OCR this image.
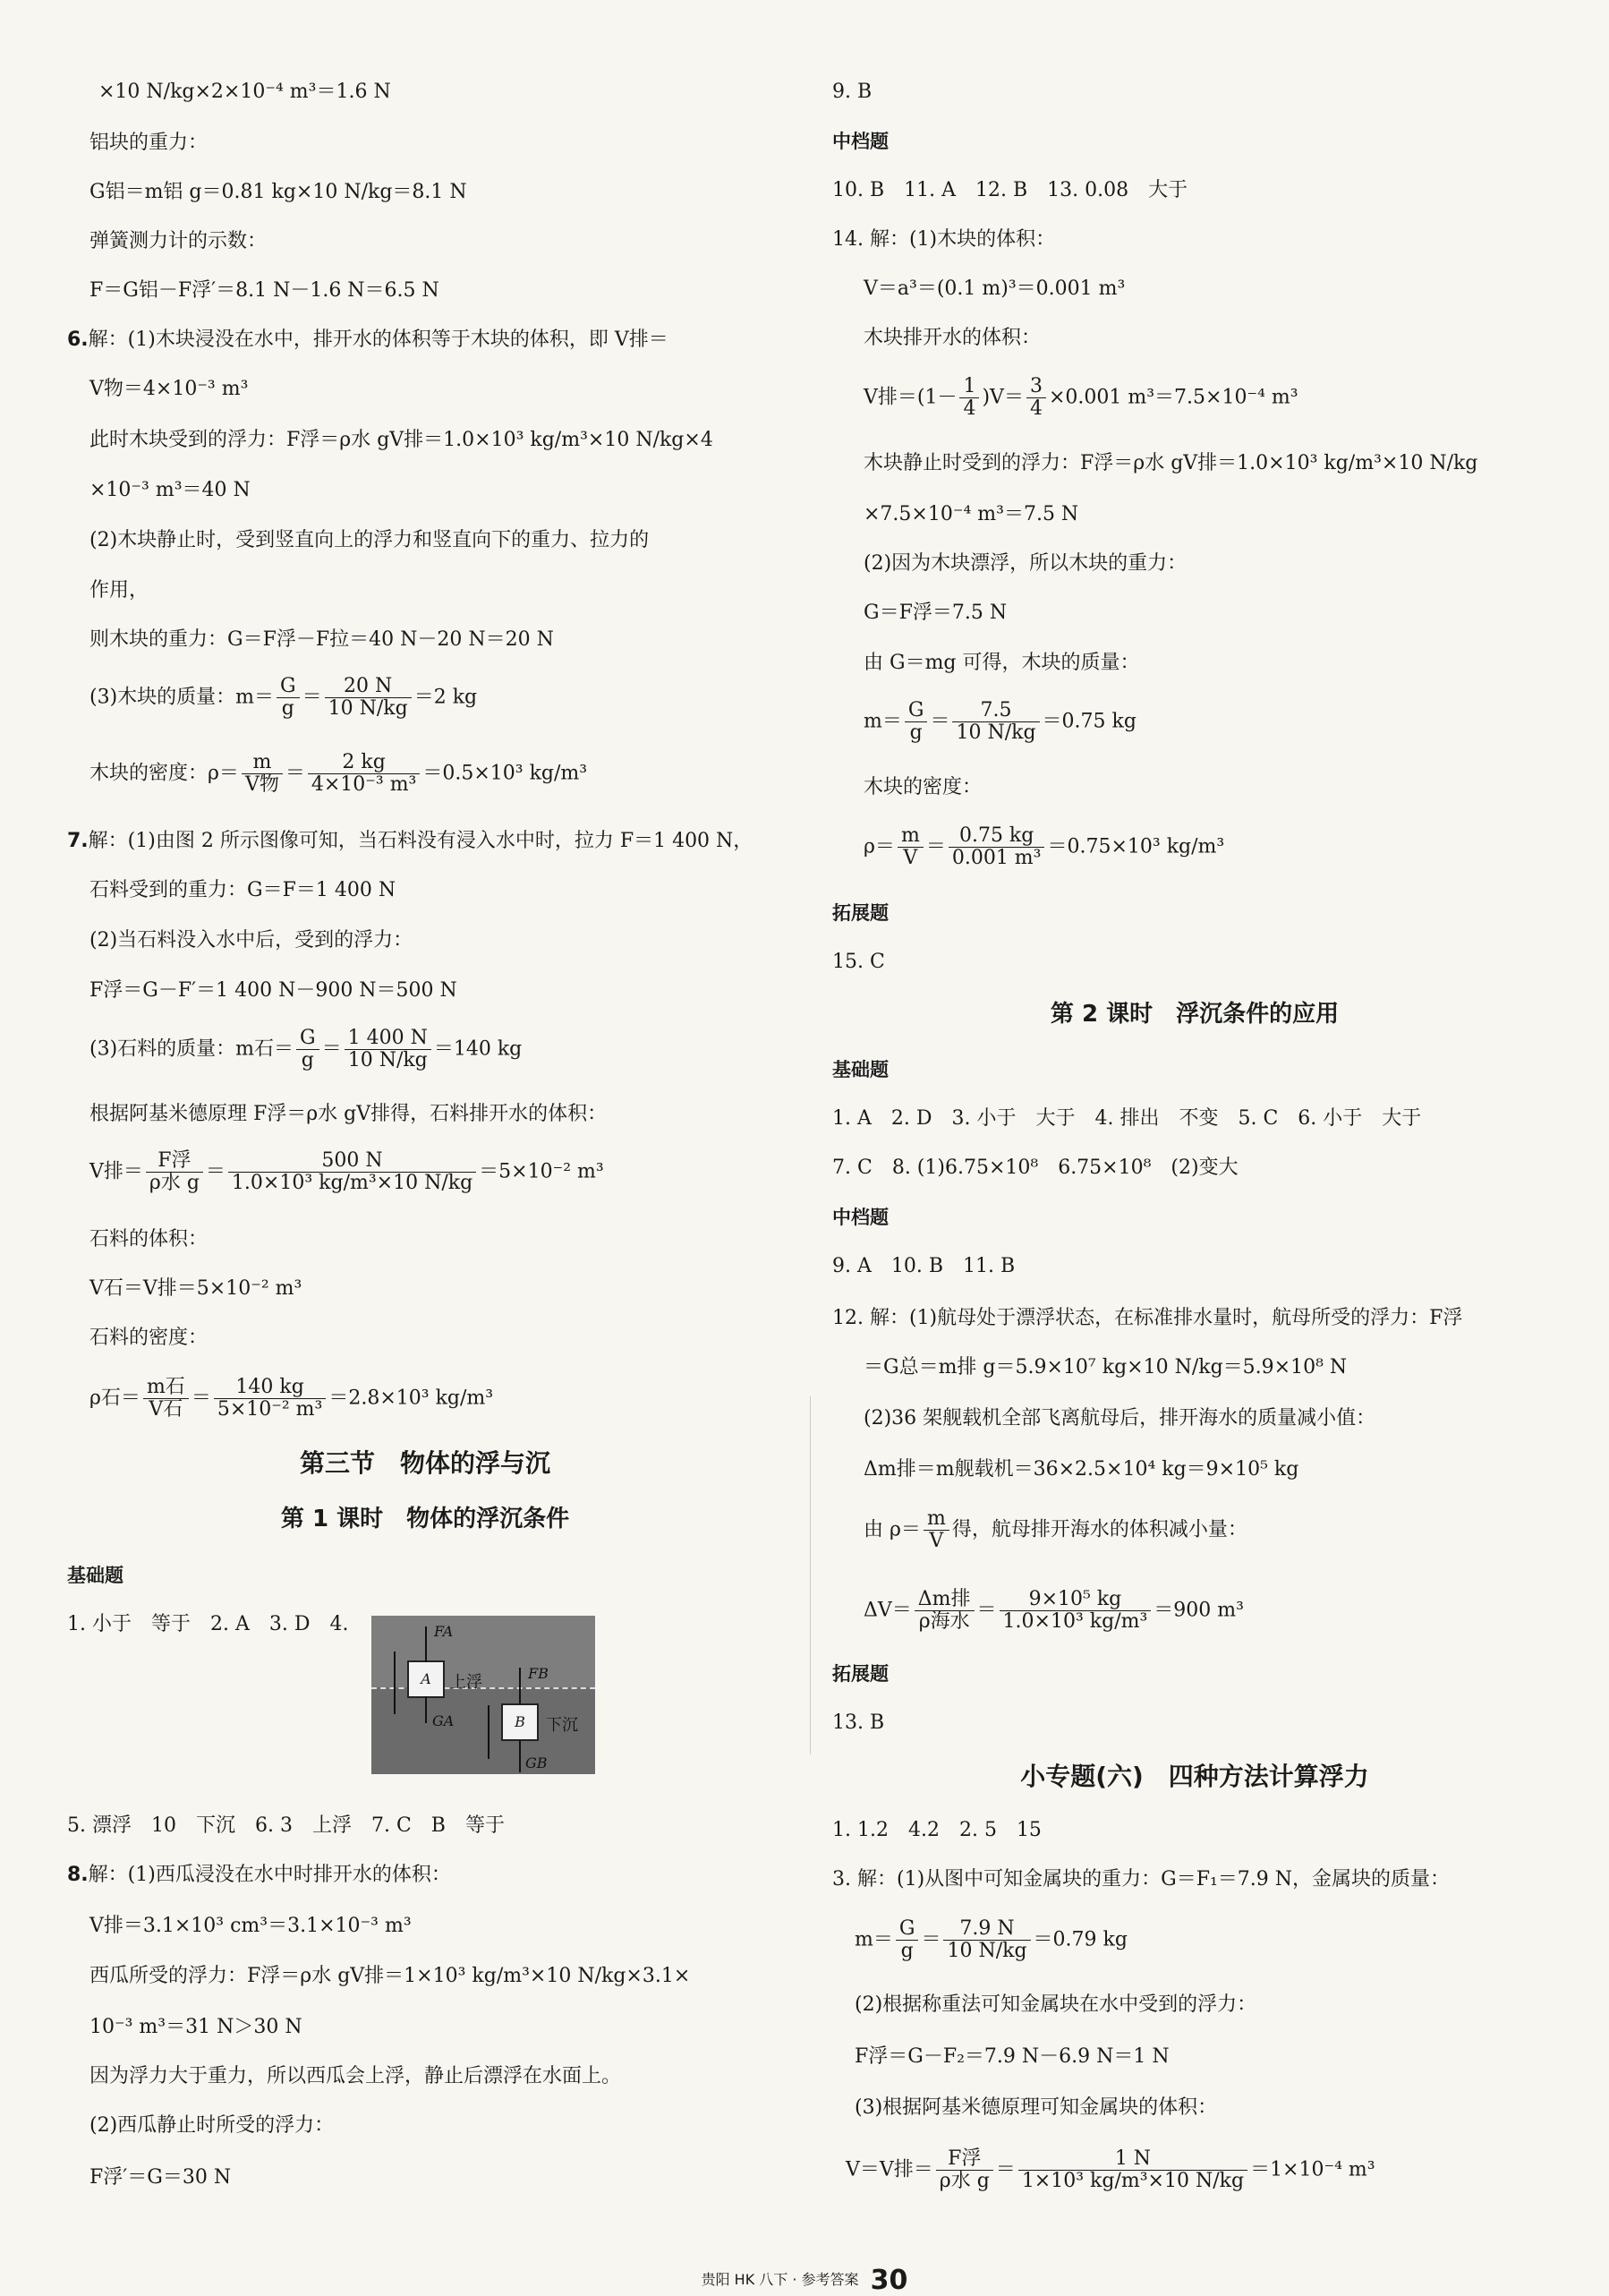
×10 N/kg×2×10⁻⁴ m³＝1.6 N
铝块的重力：
G铝＝m铝 g＝0.81 kg×10 N/kg＝8.1 N
弹簧测力计的示数：
F＝G铝－F浮′＝8.1 N－1.6 N＝6.5 N
6.解：(1)木块浸没在水中，排开水的体积等于木块的体积，即 V排＝
V物＝4×10⁻³ m³
此时木块受到的浮力：F浮＝ρ水 gV排＝1.0×10³ kg/m³×10 N/kg×4
×10⁻³ m³＝40 N
(2)木块静止时，受到竖直向上的浮力和竖直向下的重力、拉力的
作用，
则木块的重力：G＝F浮－F拉＝40 N－20 N＝20 N
(3)木块的质量：$m= \frac{G}{g} = \frac{20 N}{10 N/kg} =2$ kg
木块的密度：$\rho= \frac{m}{\text{V物}} = \frac{2 kg}{\text{4×10⁻³ m³}} =0.5\times 10^3$ kg/m³
7.解：(1)由图 2 所示图像可知，当石料没有浸入水中时，拉力 F＝1 400 N，
石料受到的重力：G＝F＝1 400 N
(2)当石料没入水中后，受到的浮力：
F浮＝G－F′＝1 400 N－900 N＝500 N
(3)石料的质量：m石＝ $\frac{G}{g} = \frac{1 400 N}{10 N/kg} =140$ kg
根据阿基米德原理 F浮＝ρ水 gV排得，石料排开水的体积：
V排＝ $\frac{\text{F浮}}{\text{ρ水 g}} = \frac{500 N}{\text{1.0×10³ kg/m³×10 N/kg}} =5\times 10^{-2}$ m³
石料的体积：
V石＝V排＝5×10⁻² m³
石料的密度：
ρ石＝ $\frac{\text{m石}}{\text{V石}} = \frac{140 kg}{\text{5×10⁻² m³}} =2.8\times 10^3$ kg/m³
第三节　物体的浮与沉
第 1 课时　物体的浮沉条件
基础题
1. 小于　等于　2. A　3. D　4.
5. 漂浮　10　下沉　6. 3　上浮　7. C　B　等于
8.解：(1)西瓜浸没在水中时排开水的体积：
V排＝3.1×10³ cm³＝3.1×10⁻³ m³
西瓜所受的浮力：F浮＝ρ水 gV排＝1×10³ kg/m³×10 N/kg×3.1×
10⁻³ m³＝31 N＞30 N
因为浮力大于重力，所以西瓜会上浮，静止后漂浮在水面上。
(2)西瓜静止时所受的浮力：
F浮′＝G＝30 N
A
FA
GA
上浮
B
FB
GB
下沉
9. B
中档题
10. B　11. A　12. B　13. 0.08　大于
14. 解：(1)木块的体积：
V＝a³＝(0.1 m)³＝0.001 m³
木块排开水的体积：
V排$=(1- \frac{1}{4} )V= \frac{3}{4} \times 0.001$ m³＝7.5×10⁻⁴ m³
木块静止时受到的浮力：F浮＝ρ水 gV排＝1.0×10³ kg/m³×10 N/kg
×7.5×10⁻⁴ m³＝7.5 N
(2)因为木块漂浮，所以木块的重力：
G＝F浮＝7.5 N
由 G＝mg 可得，木块的质量：
$m= \frac{G}{g} = \frac{7.5}{10 N/kg} =0.75$ kg
木块的密度：
$\rho= \frac{m}{V} = \frac{0.75 kg}{\text{0.001 m³}} =0.75\times 10^3$ kg/m³
拓展题
15. C
第 2 课时　浮沉条件的应用
基础题
1. A　2. D　3. 小于　大于　4. 排出　不变　5. C　6. 小于　大于
7. C　8. (1)6.75×10⁸　6.75×10⁸　(2)变大
中档题
9. A　10. B　11. B
12. 解：(1)航母处于漂浮状态，在标准排水量时，航母所受的浮力：F浮
＝G总＝m排 g＝5.9×10⁷ kg×10 N/kg＝5.9×10⁸ N
(2)36 架舰载机全部飞离航母后，排开海水的质量减小值：
Δm排＝m舰载机＝36×2.5×10⁴ kg＝9×10⁵ kg
由 $\rho= \frac{m}{V}$ 得，航母排开海水的体积减小量：
$\Delta V= \frac{\text{Δm排}}{\text{ρ海水}} = \frac{\text{9×10⁵ kg}}{\text{1.0×10³ kg/m³}} =900$ m³
拓展题
13. B
小专题(六)　四种方法计算浮力
1. 1.2　4.2　2. 5　15
3. 解：(1)从图中可知金属块的重力：G＝F₁＝7.9 N，金属块的质量：
$m= \frac{G}{g} = \frac{7.9 N}{10 N/kg} =0.79$ kg
(2)根据称重法可知金属块在水中受到的浮力：
F浮＝G－F₂＝7.9 N－6.9 N＝1 N
(3)根据阿基米德原理可知金属块的体积：
V＝V排＝ $\frac{\text{F浮}}{\text{ρ水 g}} = \frac{1 N}{\text{1×10³ kg/m³×10 N/kg}} =1\times 10^{-4}$ m³
贵阳 HK 八下 · 参考答案 30
